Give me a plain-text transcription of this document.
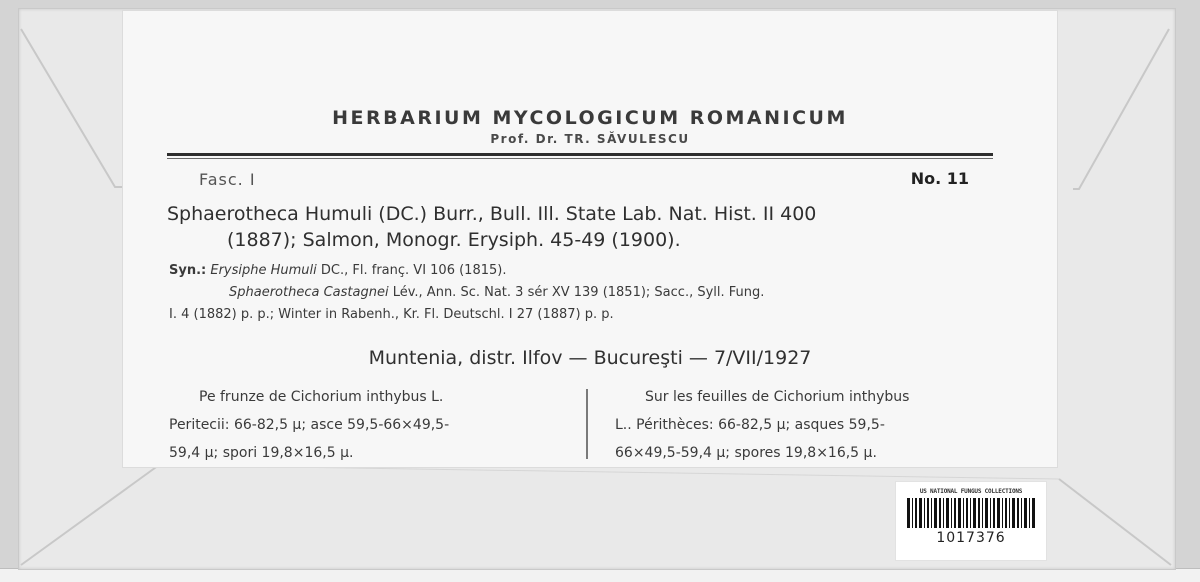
HERBARIUM MYCOLOGICUM ROMANICUM
Prof. Dr. TR. SĂVULESCU
Fasc. I	No. 11
Sphaerotheca Humuli (DC.) Burr., Bull. Ill. State Lab. Nat. Hist. II 400
(1887); Salmon, Monogr. Erysiph. 45-49 (1900).
Syn.: Erysiphe Humuli DC., Fl. franç. VI 106 (1815).
Sphaerotheca Castagnei Lév., Ann. Sc. Nat. 3 sér XV 139 (1851); Sacc., Syll. Fung.
I. 4 (1882) p. p.; Winter in Rabenh., Kr. Fl. Deutschl. I 27 (1887) p. p.
Muntenia, distr. Ilfov — Bucureşti — 7/VII/1927
Pe frunze de Cichorium inthybus L.
Peritecii: 66-82,5 μ; asce 59,5-66×49,5-
59,4 μ; spori 19,8×16,5 μ.
Sur les feuilles de Cichorium inthybus
L.. Périthèces: 66-82,5 μ; asques 59,5-
66×49,5-59,4 μ; spores 19,8×16,5 μ.
US NATIONAL FUNGUS COLLECTIONS
1017376
